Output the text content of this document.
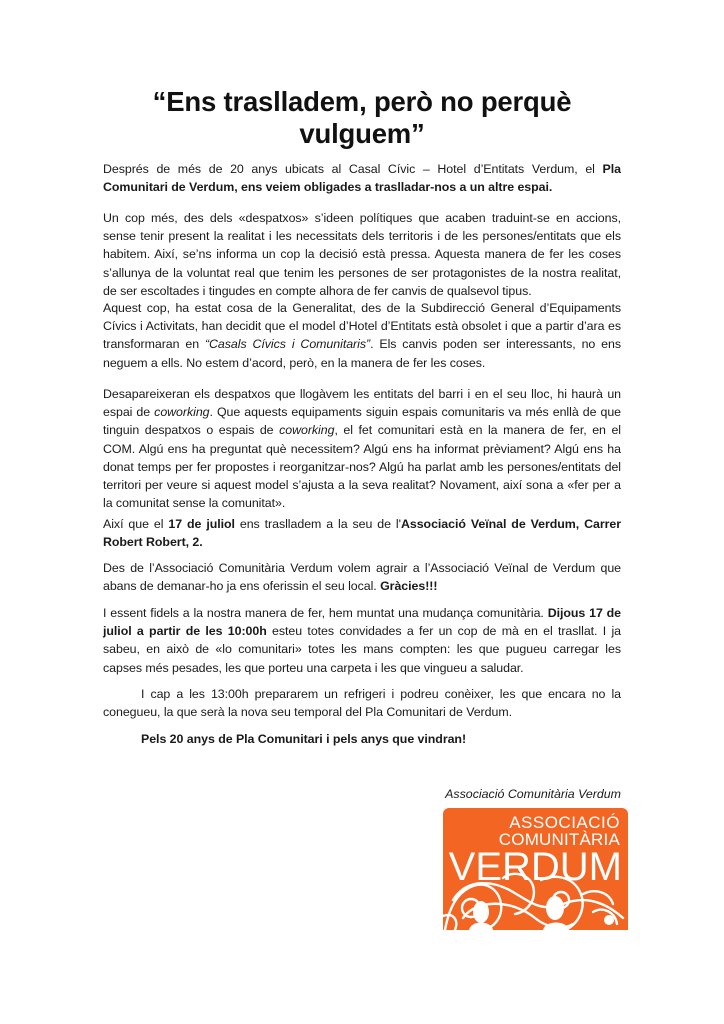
“Ens traslladem, però no perquè vulguem”

Després de més de 20 anys ubicats al Casal Cívic – Hotel d’Entitats Verdum, el Pla Comunitari de Verdum, ens veiem obligades a traslladar-nos a un altre espai.

Un cop més, des dels «despatxos» s’ideen polítiques que acaben traduint-se en accions, sense tenir present la realitat i les necessitats dels territoris i de les persones/entitats que els habitem. Així, se’ns informa un cop la decisió està pressa. Aquesta manera de fer les coses s’allunya de la voluntat real que tenim les persones de ser protagonistes de la nostra realitat, de ser escoltades i tingudes en compte alhora de fer canvis de qualsevol tipus.

Aquest cop, ha estat cosa de la Generalitat, des de la Subdirecció General d’Equipaments Cívics i Activitats, han decidit que el model d’Hotel d’Entitats està obsolet i que a partir d’ara es transformaran en “Casals Cívics i Comunitaris”. Els canvis poden ser interessants, no ens neguem a ells. No estem d’acord, però, en la manera de fer les coses.

Desapareixeran els despatxos que llogàvem les entitats del barri i en el seu lloc, hi haurà un espai de coworking. Que aquests equipaments siguin espais comunitaris va més enllà de que tinguin despatxos o espais de coworking, el fet comunitari està en la manera de fer, en el COM. Algú ens ha preguntat què necessitem? Algú ens ha informat prèviament? Algú ens ha donat temps per fer propostes i reorganitzar-nos? Algú ha parlat amb les persones/entitats del territori per veure si aquest model s’ajusta a la seva realitat? Novament, així sona a «fer per a la comunitat sense la comunitat».

Així que el 17 de juliol ens traslladem a la seu de l'Associació Veïnal de Verdum, Carrer Robert Robert, 2.

Des de l’Associació Comunitària Verdum volem agrair a l’Associació Veïnal de Verdum que abans de demanar-ho ja ens oferissin el seu local. Gràcies!!!

I essent fidels a la nostra manera de fer, hem muntat una mudança comunitària. Dijous 17 de juliol a partir de les 10:00h esteu totes convidades a fer un cop de mà en el trasllat. I ja sabeu, en això de «lo comunitari» totes les mans compten: les que pugueu carregar les capses més pesades, les que porteu una carpeta i les que vingueu a saludar.

I cap a les 13:00h prepararem un refrigeri i podreu conèixer, les que encara no la conegueu, la que serà la nova seu temporal del Pla Comunitari de Verdum.

Pels 20 anys de Pla Comunitari i pels anys que vindran!

Associació Comunitària Verdum
ASSOCIACIÓ
COMUNITÀRIA
VERDUM
